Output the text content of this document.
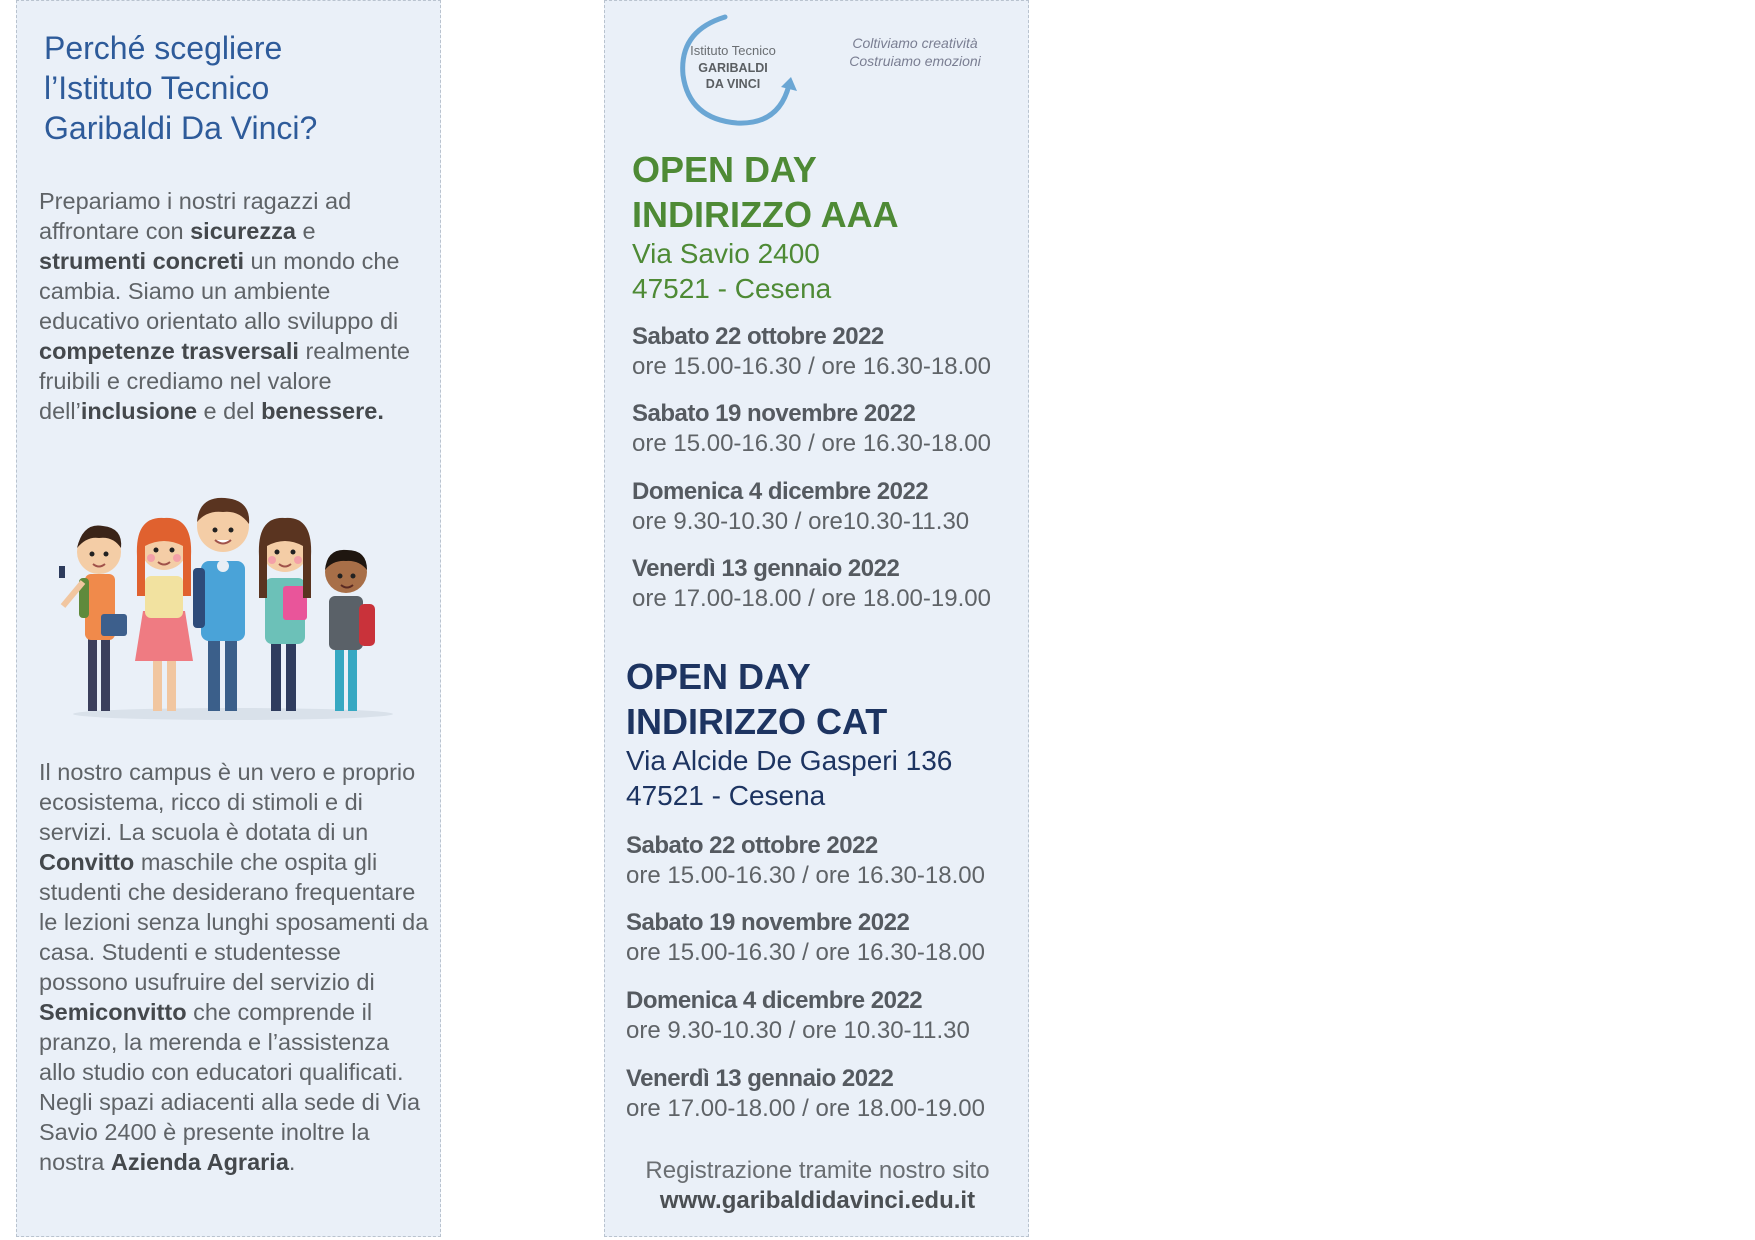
Perché scegliere
l’Istituto Tecnico
Garibaldi Da Vinci?

Prepariamo i nostri ragazzi ad affrontare con sicurezza e strumenti concreti un mondo che cambia. Siamo un ambiente educativo orientato allo sviluppo di competenze trasversali realmente fruibili e crediamo nel valore dell’inclusione e del benessere.

Il nostro campus è un vero e proprio ecosistema, ricco di stimoli e di servizi. La scuola è dotata di un Convitto maschile che ospita gli studenti che desiderano frequentare le lezioni senza lunghi sposamenti da casa. Studenti e studentesse possono usufruire del servizio di Semiconvitto che comprende il pranzo, la merenda e l’assistenza allo studio con educatori qualificati. Negli spazi adiacenti alla sede di Via Savio 2400 è presente inoltre la nostra Azienda Agraria.

Istituto Tecnico
GARIBALDI
DA VINCI
Coltiviamo creatività
Costruiamo emozioni
OPEN DAY
INDIRIZZO AAA

Via Savio 2400
47521 - Cesena

Sabato 22 ottobre 2022
ore 15.00-16.30 / ore 16.30-18.00
Sabato 19 novembre 2022
ore 15.00-16.30 / ore 16.30-18.00
Domenica 4 dicembre 2022
ore 9.30-10.30 / ore10.30-11.30
Venerdì 13 gennaio 2022
ore 17.00-18.00 / ore 18.00-19.00
OPEN DAY
INDIRIZZO CAT

Via Alcide De Gasperi 136
47521 - Cesena

Sabato 22 ottobre 2022
ore 15.00-16.30 / ore 16.30-18.00
Sabato 19 novembre 2022
ore 15.00-16.30 / ore 16.30-18.00
Domenica 4 dicembre 2022
ore 9.30-10.30 / ore 10.30-11.30
Venerdì 13 gennaio 2022
ore 17.00-18.00 / ore 18.00-19.00
Registrazione tramite nostro sito
www.garibaldidavinci.edu.it
